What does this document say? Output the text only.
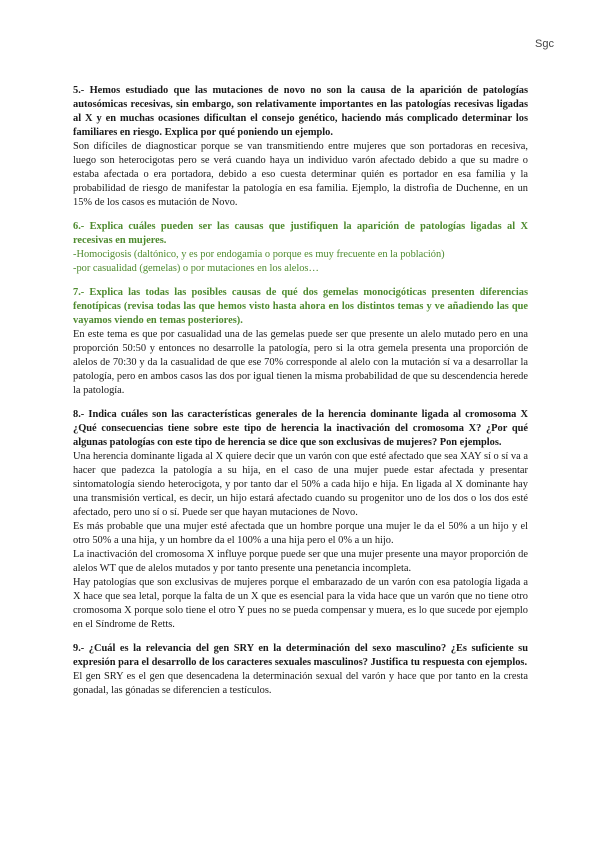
Sgc

5.- Hemos estudiado que las mutaciones de novo no son la causa de la aparición de patologías autosómicas recesivas, sin embargo, son relativamente importantes en las patologías recesivas ligadas al X y en muchas ocasiones dificultan el consejo genético, haciendo más complicado determinar los familiares en riesgo. Explica por qué poniendo un ejemplo.

Son difíciles de diagnosticar porque se van transmitiendo entre mujeres que son portadoras en recesiva, luego son heterocigotas pero se verá cuando haya un individuo varón afectado debido a que su madre o estaba afectada o era portadora, debido a eso cuesta determinar quién es portador en esa familia y la probabilidad de riesgo de manifestar la patología en esa familia. Ejemplo, la distrofia de Duchenne, en un 15% de los casos es mutación de Novo.

6.- Explica cuáles pueden ser las causas que justifiquen la aparición de patologías ligadas al X recesivas en mujeres.

-Homocigosis (daltónico, y es por endogamia o porque es muy frecuente en la población)

-por casualidad (gemelas) o por mutaciones en los alelos…

7.- Explica las todas las posibles causas de qué dos gemelas monocigóticas presenten diferencias fenotípicas (revisa todas las que hemos visto hasta ahora en los distintos temas y ve añadiendo las que vayamos viendo en temas posteriores).

En este tema es que por casualidad una de las gemelas puede ser que presente un alelo mutado pero en una proporción 50:50 y entonces no desarrolle la patología, pero si la otra gemela presenta una proporción de alelos de 70:30 y da la casualidad de que ese 70% corresponde al alelo con la mutación sí va a desarrollar la patología, pero en ambos casos las dos por igual tienen la misma probabilidad de que su descendencia herede la patología.

8.- Indica cuáles son las características generales de la herencia dominante ligada al cromosoma X ¿Qué consecuencias tiene sobre este tipo de herencia la inactivación del cromosoma X? ¿Por qué algunas patologías con este tipo de herencia se dice que son exclusivas de mujeres? Pon ejemplos.

Una herencia dominante ligada al X quiere decir que un varón con que esté afectado que sea XAY sí o sí va a hacer que padezca la patología a su hija, en el caso de una mujer puede estar afectada y presentar sintomatología siendo heterocigota, y por tanto dar el 50% a cada hijo e hija. En ligada al X dominante hay una transmisión vertical, es decir, un hijo estará afectado cuando su progenitor uno de los dos o los dos esté afectado, pero uno sí o sí. Puede ser que hayan mutaciones de Novo.

Es más probable que una mujer esté afectada que un hombre porque una mujer le da el 50% a un hijo y el otro 50% a una hija, y un hombre da el 100% a una hija pero el 0% a un hijo.

La inactivación del cromosoma X influye porque puede ser que una mujer presente una mayor proporción de alelos WT que de alelos mutados y por tanto presente una penetancia incompleta.

Hay patologías que son exclusivas de mujeres porque el embarazado de un varón con esa patología ligada a X hace que sea letal, porque la falta de un X que es esencial para la vida hace que un varón que no tiene otro cromosoma X porque solo tiene el otro Y pues no se pueda compensar y muera, es lo que sucede por ejemplo en el Síndrome de Retts.

9.- ¿Cuál es la relevancia del gen SRY en la determinación del sexo masculino? ¿Es suficiente su expresión para el desarrollo de los caracteres sexuales masculinos? Justifica tu respuesta con ejemplos.

El gen SRY es el gen que desencadena la determinación sexual del varón y hace que por tanto en la cresta gonadal, las gónadas se diferencien a testículos.
